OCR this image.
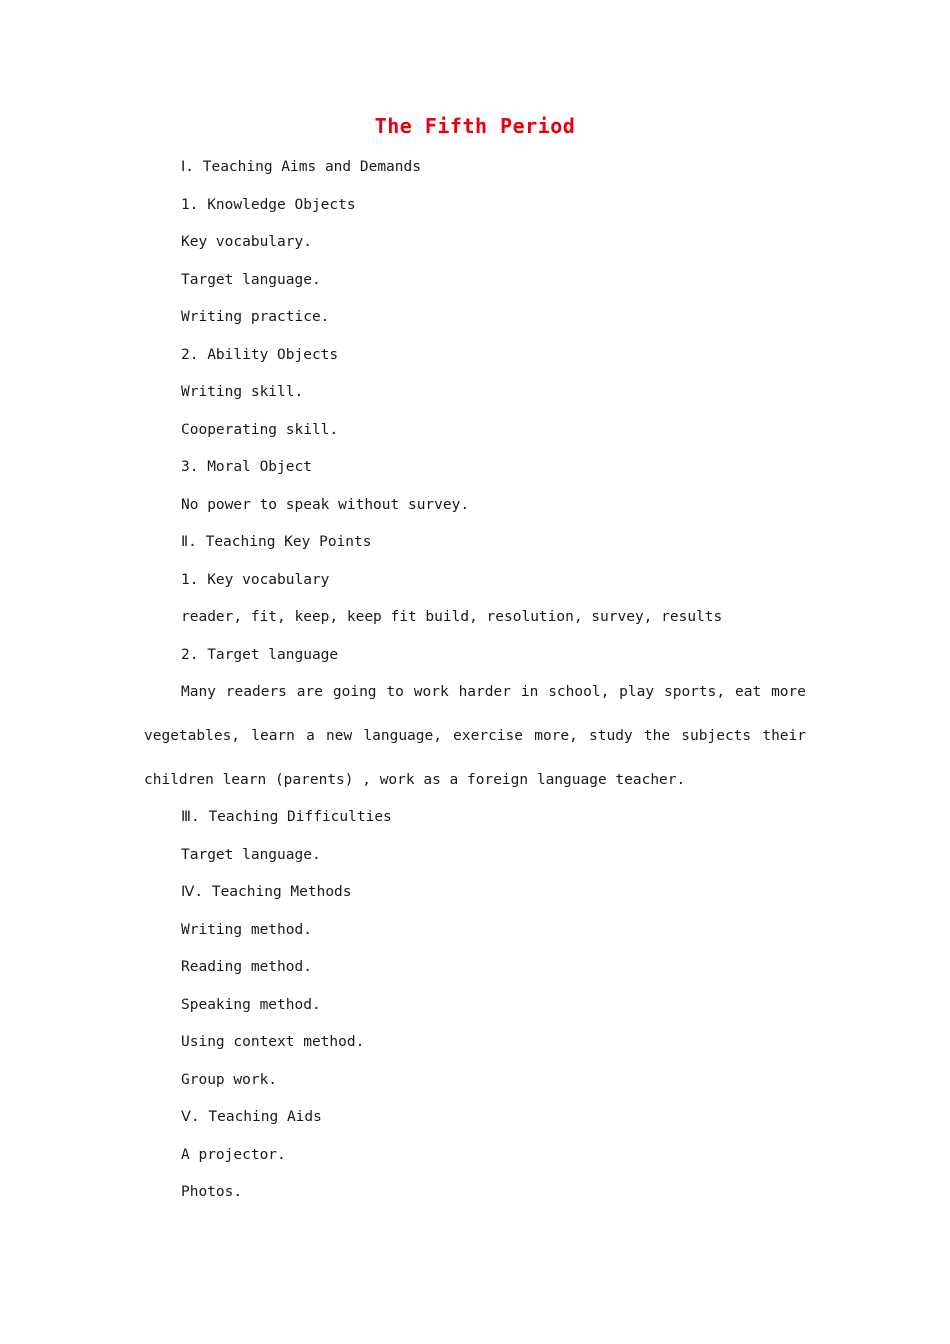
The Fifth Period
Ⅰ. Teaching Aims and Demands
1. Knowledge Objects
Key vocabulary.
Target language.
Writing practice.
2. Ability Objects
Writing skill.
Cooperating skill.
3. Moral Object
No power to speak without survey.
Ⅱ. Teaching Key Points
1. Key vocabulary
reader, fit, keep, keep fit build, resolution, survey, results
2. Target language
Many readers are going to work harder in school, play sports, eat more
vegetables, learn a new language, exercise more, study the subjects their
children learn (parents) , work as a foreign language teacher.
Ⅲ. Teaching Difficulties
Target language.
Ⅳ. Teaching Methods
Writing method.
Reading method.
Speaking method.
Using context method.
Group work.
Ⅴ. Teaching Aids
A projector.
Photos.
